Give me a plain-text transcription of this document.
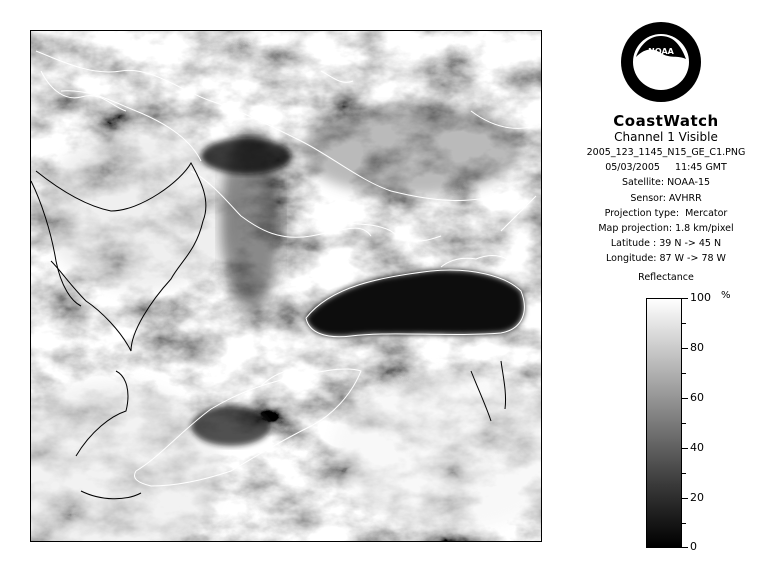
NOAA
CoastWatch
Channel 1 Visible
2005_123_1145_N15_GE_C1.PNG
05/03/2005     11:45 GMT
Satellite: NOAA-15
Sensor: AVHRR
Projection type:  Mercator
Map projection: 1.8 km/pixel
Latitude : 39 N -> 45 N
Longitude: 87 W -> 78 W
Reflectance
%
100
80
60
40
20
0
